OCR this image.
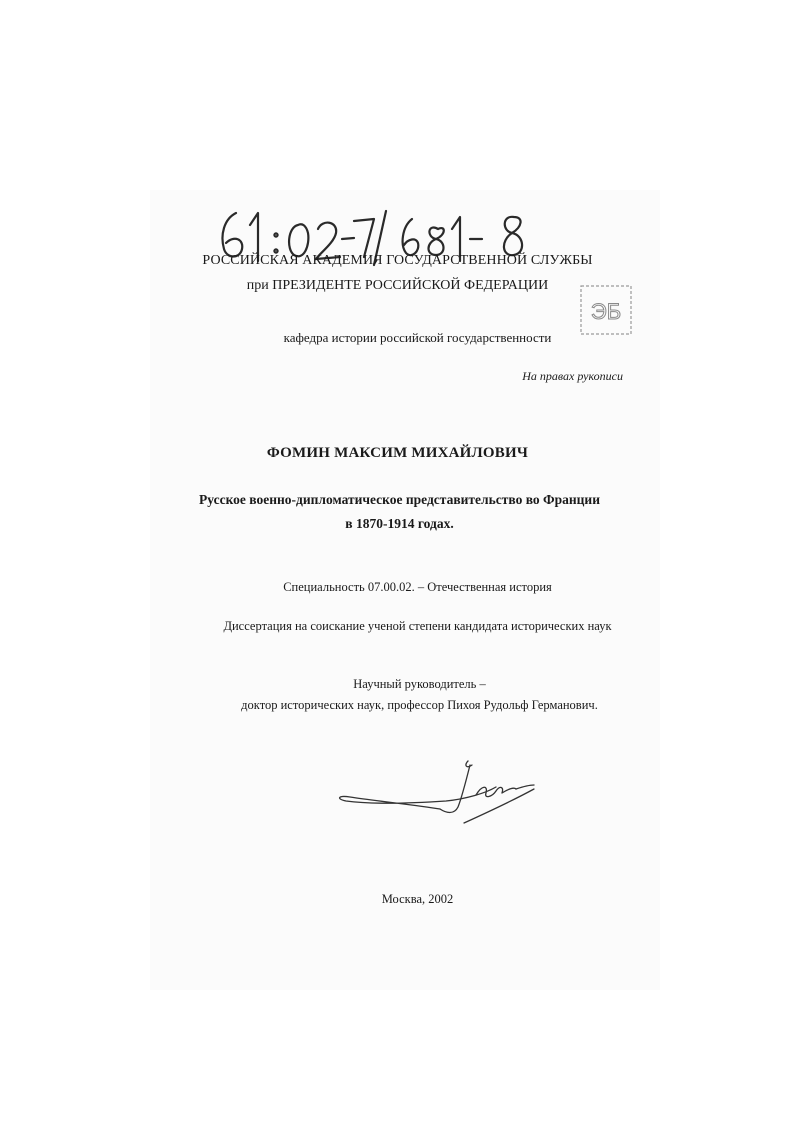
ЭБ
РОССИЙСКАЯ АКАДЕМИЯ ГОСУДАРСТВЕННОЙ СЛУЖБЫ
при ПРЕЗИДЕНТЕ РОССИЙСКОЙ ФЕДЕРАЦИИ
кафедра истории российской государственности
На правах рукописи
ФОМИН МАКСИМ МИХАЙЛОВИЧ
Русское военно-дипломатическое представительство во Франции
в 1870-1914 годах.
Специальность 07.00.02. – Отечественная история
Диссертация на соискание ученой степени кандидата исторических наук
Научный руководитель –
доктор исторических наук, профессор Пихоя Рудольф Германович.
Москва, 2002
